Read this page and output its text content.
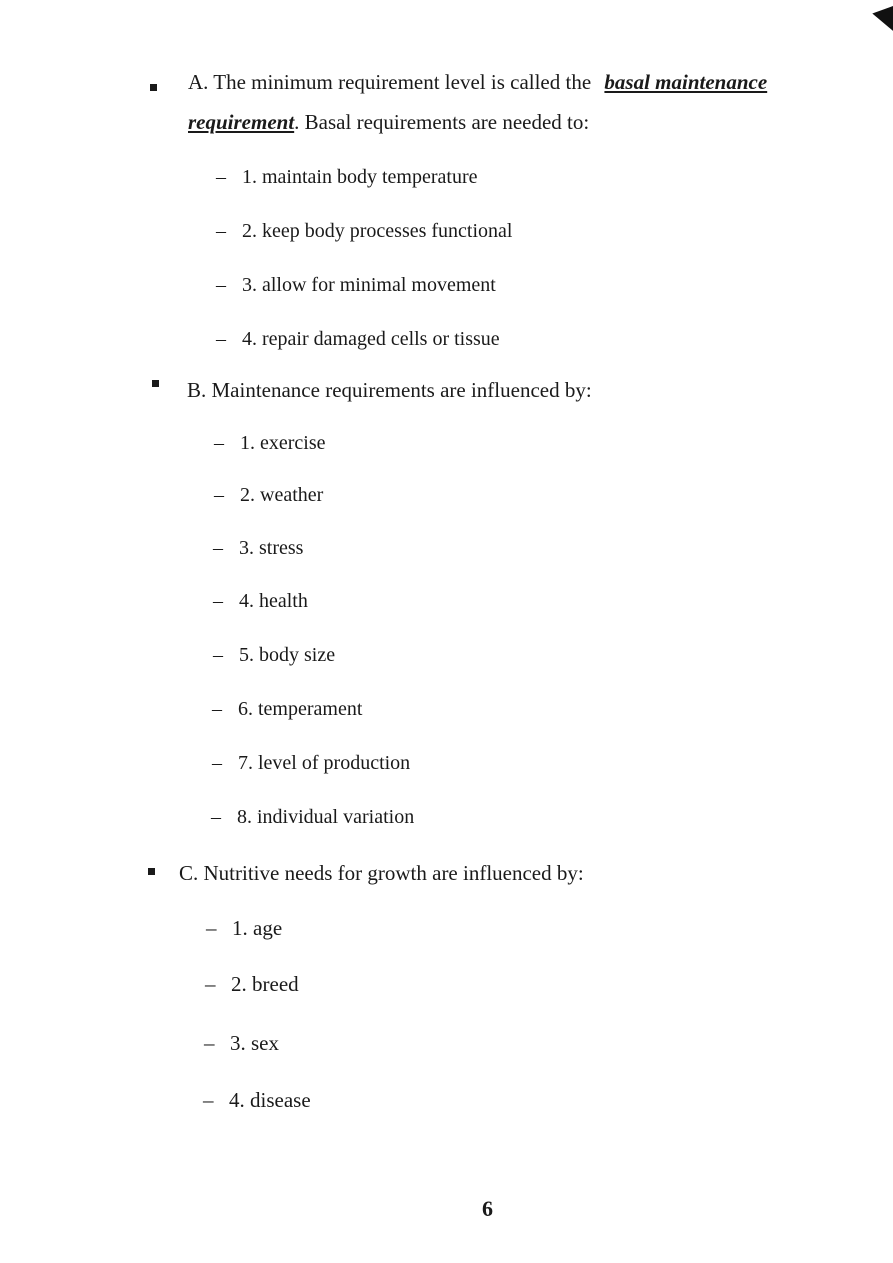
A. The minimum requirement level is called the basal maintenance
requirement. Basal requirements are needed to:
– 1. maintain body temperature
– 2. keep body processes functional
– 3. allow for minimal movement
– 4. repair damaged cells or tissue
B. Maintenance requirements are influenced by:
– 1. exercise
– 2. weather
– 3. stress
– 4. health
– 5. body size
– 6. temperament
– 7. level of production
– 8. individual variation
C. Nutritive needs for growth are influenced by:
– 1. age
– 2. breed
– 3. sex
– 4. disease
6
